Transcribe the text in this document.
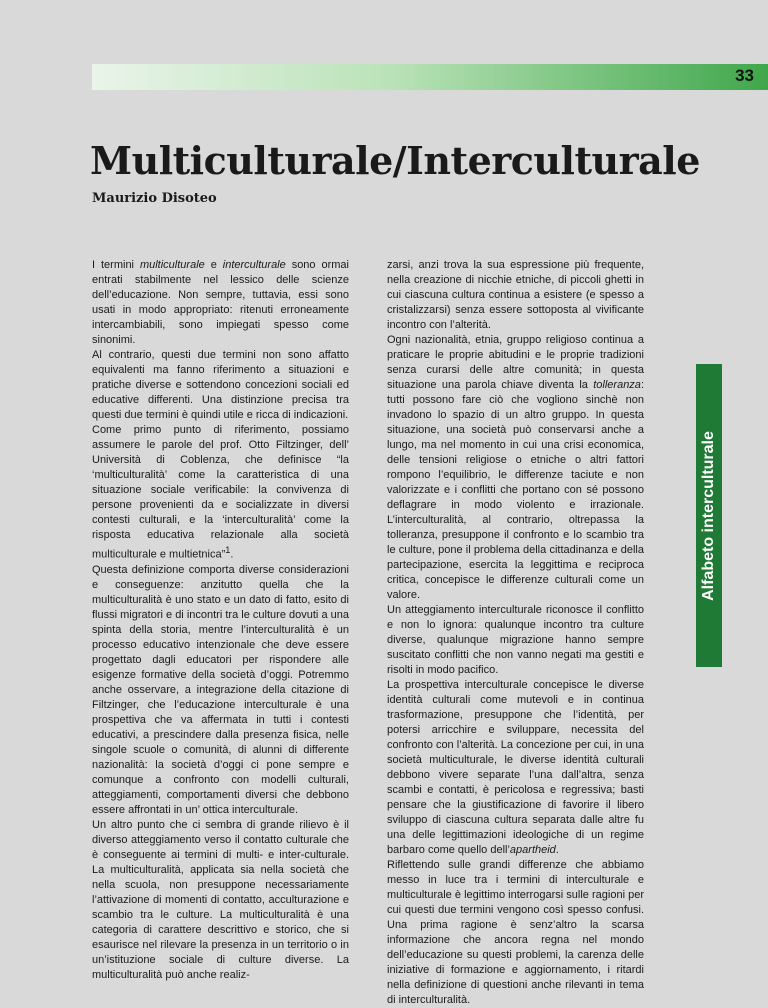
33
Multiculturale/Interculturale
Maurizio Disoteo

I termini multiculturale e interculturale sono ormai entrati stabilmente nel lessico delle scienze dell’educazione. Non sempre, tuttavia, essi sono usati in modo appropriato: ritenuti erroneamente intercambiabili, sono impiegati spesso come sinonimi.

Al contrario, questi due termini non sono affatto equivalenti ma fanno riferimento a situazioni e pratiche diverse e sottendono concezioni sociali ed educative differenti. Una distinzione precisa tra questi due termini è quindi utile e ricca di indicazioni.

Come primo punto di riferimento, possiamo assumere le parole del prof. Otto Filtzinger, dell’ Università di Coblenza, che definisce “la ‘multiculturalità’ come la caratteristica di una situazione sociale verificabile: la convivenza di persone provenienti da e socializzate in diversi contesti culturali, e la ‘interculturalità’ come la risposta educativa relazionale alla società multiculturale e multietnica”$^1$.

Questa definizione comporta diverse considerazioni e conseguenze: anzitutto quella che la multiculturalità è uno stato e un dato di fatto, esito di flussi migratori e di incontri tra le culture dovuti a una spinta della storia, mentre l’interculturalità è un processo educativo intenzionale che deve essere progettato dagli educatori per rispondere alle esigenze formative della società d’oggi. Potremmo anche osservare, a integrazione della citazione di Filtzinger, che l’educazione interculturale è una prospettiva che va affermata in tutti i contesti educativi, a prescindere dalla presenza fisica, nelle singole scuole o comunità, di alunni di differente nazionalità: la società d’oggi ci pone sempre e comunque a confronto con modelli culturali, atteggiamenti, comportamenti diversi che debbono essere affrontati in un’ ottica interculturale.

Un altro punto che ci sembra di grande rilievo è il diverso atteggiamento verso il contatto culturale che è conseguente ai termini di multi- e inter-culturale. La multiculturalità, applicata sia nella società che nella scuola, non presuppone necessariamente l’attivazione di momenti di contatto, acculturazione e scambio tra le culture. La multiculturalità è una categoria di carattere descrittivo e storico, che si esaurisce nel rilevare la presenza in un territorio o in un’istituzione sociale di culture diverse. La multiculturalità può anche realiz-

zarsi, anzi trova la sua espressione più frequente, nella creazione di nicchie etniche, di piccoli ghetti in cui ciascuna cultura continua a esistere (e spesso a cristalizzarsi) senza essere sottoposta al vivificante incontro con l’alterità.
Ogni nazionalità, etnia, gruppo religioso continua a praticare le proprie abitudini e le proprie tradizioni senza curarsi delle altre comunità; in questa situazione una parola chiave diventa la tolleranza: tutti possono fare ciò che vogliono sinchè non invadono lo spazio di un altro gruppo. In questa situazione, una società può conservarsi anche a lungo, ma nel momento in cui una crisi economica, delle tensioni religiose o etniche o altri fattori rompono l’equilibrio, le differenze taciute e non valorizzate e i conflitti che portano con sé possono deflagrare in modo violento e irrazionale. L’interculturalità, al contrario, oltrepassa la tolleranza, presuppone il confronto e lo scambio tra le culture, pone il problema della cittadinanza e della partecipazione, esercita la leggittima e reciproca critica, concepisce le differenze culturali come un valore.

Un atteggiamento interculturale riconosce il conflitto e non lo ignora: qualunque incontro tra culture diverse, qualunque migrazione hanno sempre suscitato conflitti che non vanno negati ma gestiti e risolti in modo pacifico.

La prospettiva interculturale concepisce le diverse identità culturali come mutevoli e in continua trasformazione, presuppone che l’identità, per potersi arricchire e sviluppare, necessita del confronto con l’alterità. La concezione per cui, in una società multiculturale, le diverse identità culturali debbono vivere separate l’una dall’altra, senza scambi e contatti, è pericolosa e regressiva; basti pensare che la giustificazione di favorire il libero sviluppo di ciascuna cultura separata dalle altre fu una delle legittimazioni ideologiche di un regime barbaro come quello dell’apartheid.

Riflettendo sulle grandi differenze che abbiamo messo in luce tra i termini di interculturale e multiculturale è legittimo interrogarsi sulle ragioni per cui questi due termini vengono così spesso confusi. Una prima ragione è senz’altro la scarsa informazione che ancora regna nel mondo dell’educazione su questi problemi, la carenza delle iniziative di formazione e aggiornamento, i ritardi nella definizione di questioni anche rilevanti in tema di interculturalità.

Alfabeto interculturale
